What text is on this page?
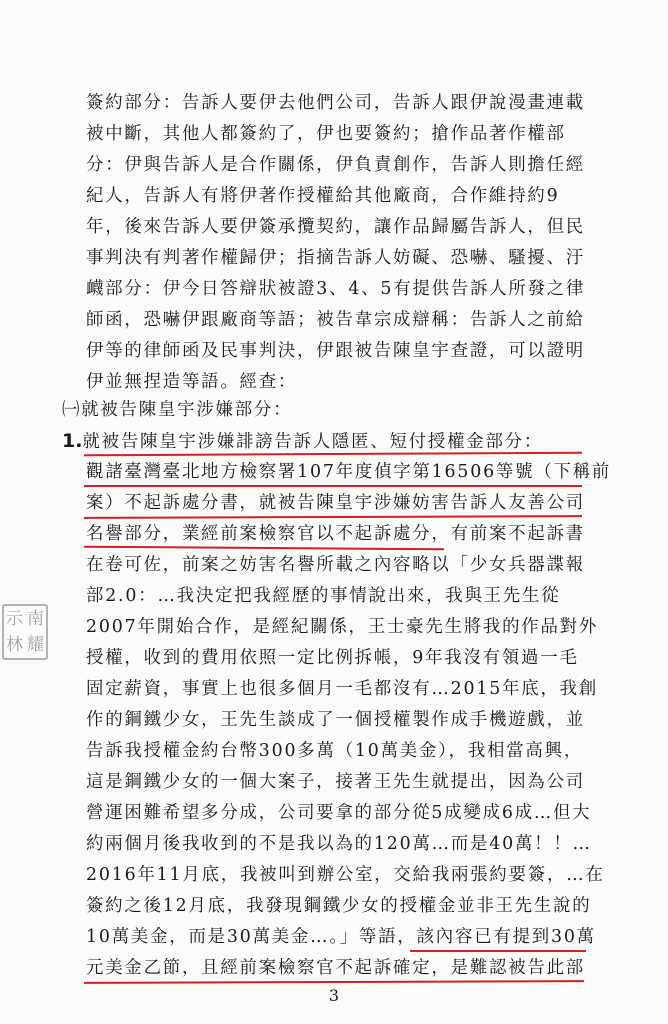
簽約部分：告訴人要伊去他們公司，告訴人跟伊說漫畫連載
被中斷，其他人都簽約了，伊也要簽約；搶作品著作權部
分：伊與告訴人是合作關係，伊負責創作，告訴人則擔任經
紀人，告訴人有將伊著作授權給其他廠商，合作維持約9
年，後來告訴人要伊簽承攬契約，讓作品歸屬告訴人，但民
事判決有判著作權歸伊；指摘告訴人妨礙、恐嚇、騷擾、汙
衊部分：伊今日答辯狀被證3、4、5有提供告訴人所發之律
師函，恐嚇伊跟廠商等語；被告韋宗成辯稱：告訴人之前給
伊等的律師函及民事判決，伊跟被告陳皇宇查證，可以證明
伊並無捏造等語。經查：
㈠就被告陳皇宇涉嫌部分：
1.就被告陳皇宇涉嫌誹謗告訴人隱匿、短付授權金部分：
觀諸臺灣臺北地方檢察署107年度偵字第16506等號（下稱前
案）不起訴處分書，就被告陳皇宇涉嫌妨害告訴人友善公司
名譽部分，業經前案檢察官以不起訴處分，有前案不起訴書
在卷可佐，前案之妨害名譽所載之內容略以「少女兵器諜報
部2.0：…我決定把我經歷的事情說出來，我與王先生從
2007年開始合作，是經紀關係，王士豪先生將我的作品對外
授權，收到的費用依照一定比例拆帳，9年我沒有領過一毛
固定薪資，事實上也很多個月一毛都沒有…2015年底，我創
作的鋼鐵少女，王先生談成了一個授權製作成手機遊戲，並
告訴我授權金約台幣300多萬（10萬美金），我相當高興，
這是鋼鐵少女的一個大案子，接著王先生就提出，因為公司
營運困難希望多分成，公司要拿的部分從5成變成6成…但大
約兩個月後我收到的不是我以為的120萬…而是40萬！！…
2016年11月底，我被叫到辦公室，交給我兩張約要簽，…在
簽約之後12月底，我發現鋼鐵少女的授權金並非王先生說的
10萬美金，而是30萬美金…。」等語，該內容已有提到30萬
元美金乙節，且經前案檢察官不起訴確定，是難認被告此部
示 南
林 耀
3
